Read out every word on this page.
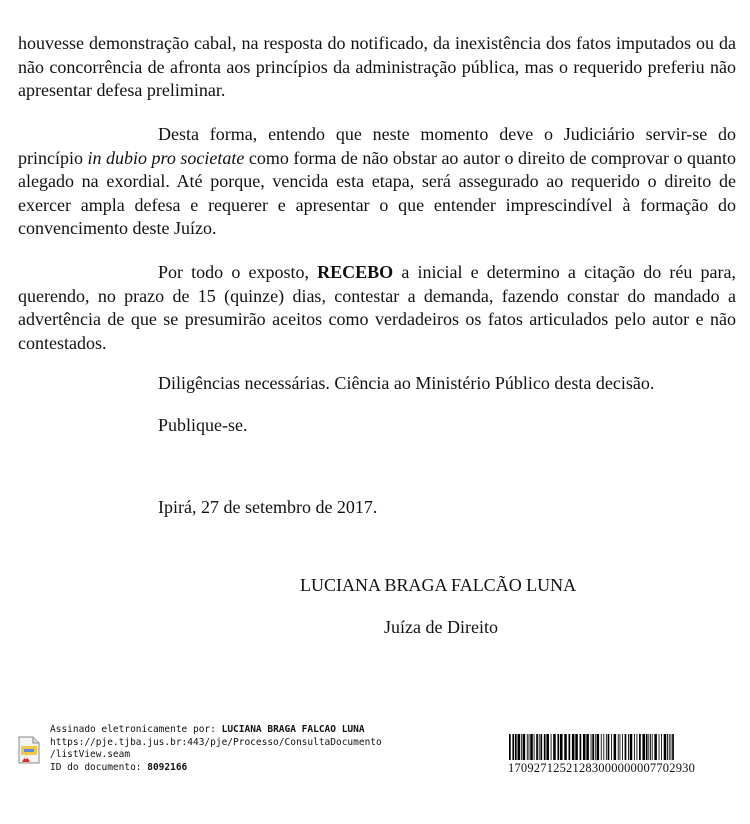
houvesse demonstração cabal, na resposta do notificado, da inexistência dos fatos imputados ou da não concorrência de afronta aos princípios da administração pública, mas o requerido preferiu não apresentar defesa preliminar.

Desta forma, entendo que neste momento deve o Judiciário servir-se do princípio in dubio pro societate como forma de não obstar ao autor o direito de comprovar o quanto alegado na exordial. Até porque, vencida esta etapa, será assegurado ao requerido o direito de exercer ampla defesa e requerer e apresentar o que entender imprescindível à formação do convencimento deste Juízo.

Por todo o exposto, RECEBO a inicial e determino a citação do réu para, querendo, no prazo de 15 (quinze) dias, contestar a demanda, fazendo constar do mandado a advertência de que se presumirão aceitos como verdadeiros os fatos articulados pelo autor e não contestados.

Diligências necessárias. Ciência ao Ministério Público desta decisão.

Publique-se.

Ipirá, 27 de setembro de 2017.

LUCIANA BRAGA FALCÃO LUNA
Juíza de Direito
Assinado eletronicamente por: LUCIANA BRAGA FALCAO LUNA
https://pje.tjba.jus.br:443/pje/Processo/ConsultaDocumento
/listView.seam
ID do documento: 8092166	17092712521283000000007702930
